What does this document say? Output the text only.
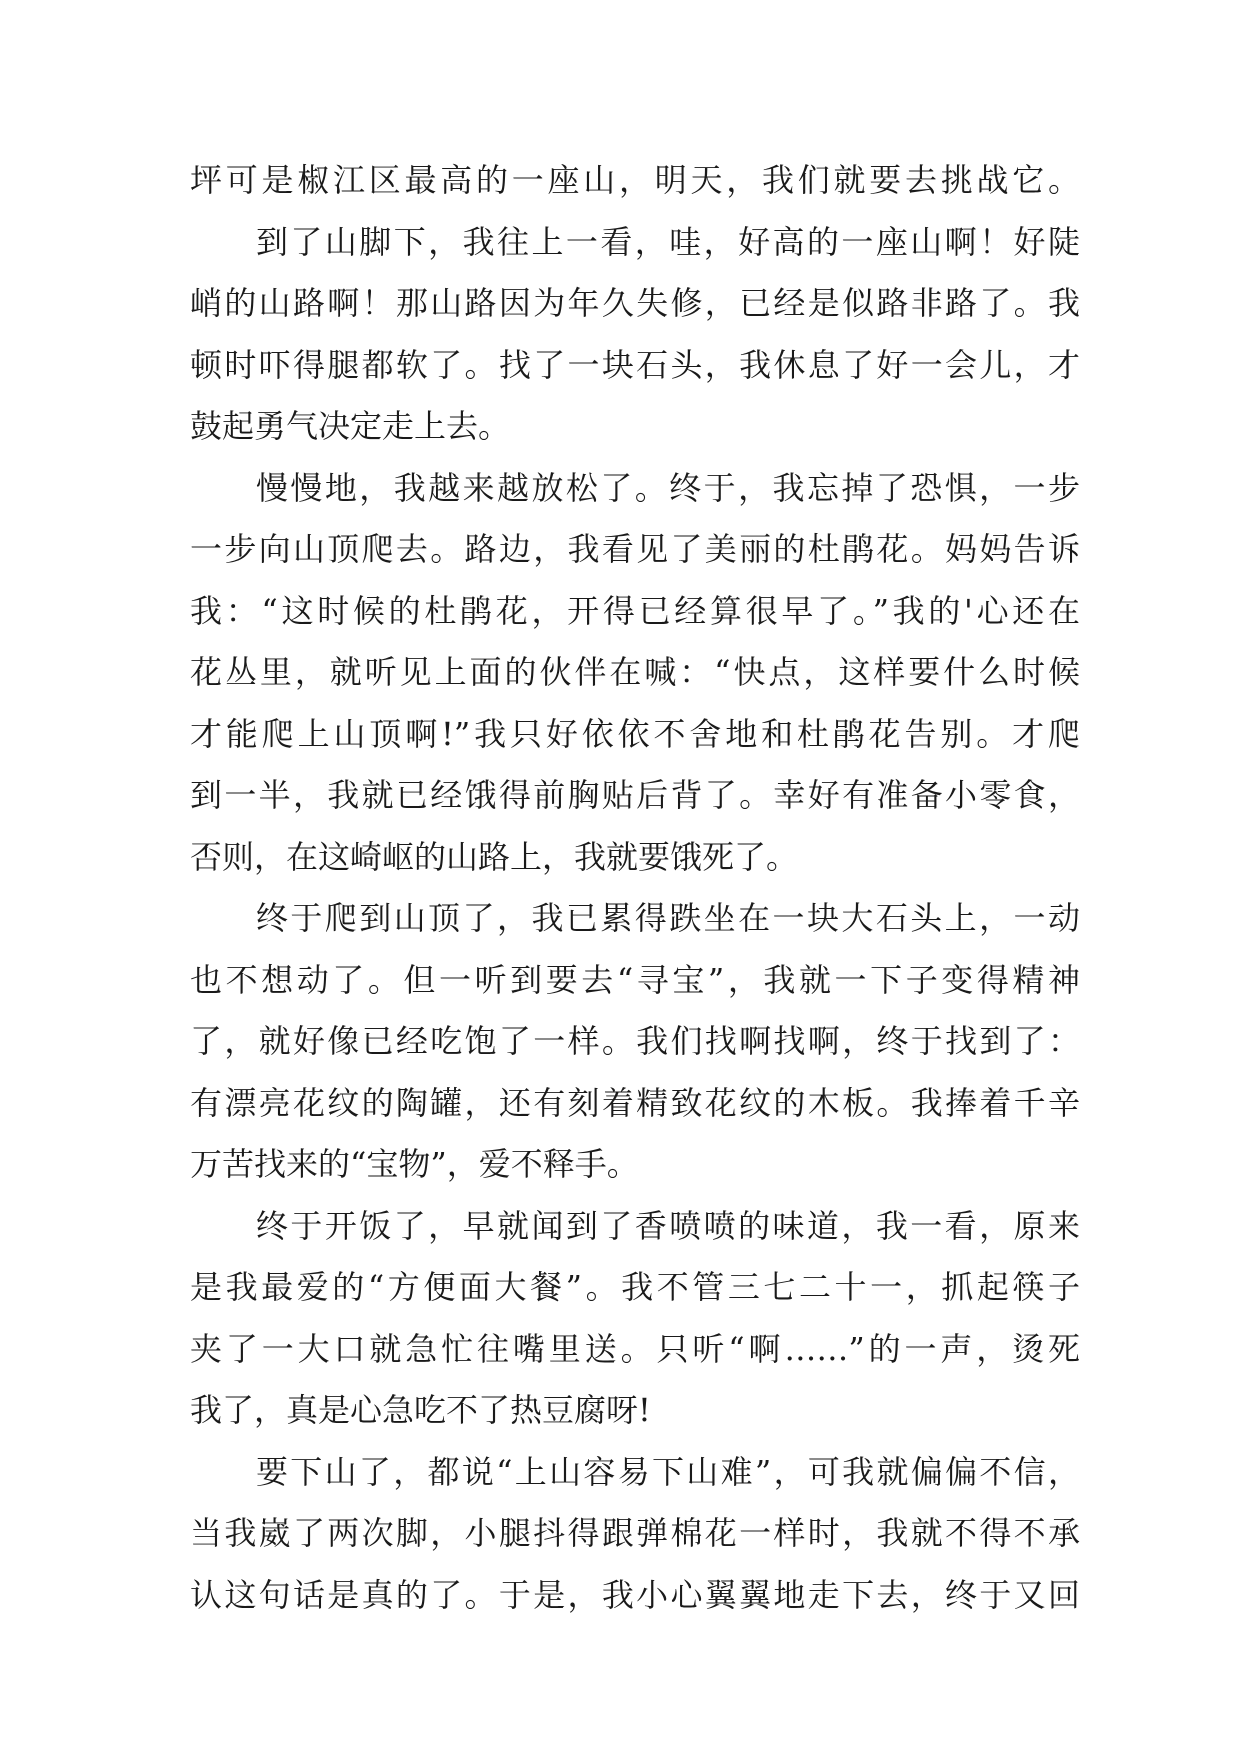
坪可是椒江区最高的一座山，明天，我们就要去挑战它。
到了山脚下，我往上一看，哇，好高的一座山啊！好陡
峭的山路啊！那山路因为年久失修，已经是似路非路了。我
顿时吓得腿都软了。找了一块石头，我休息了好一会儿，才
鼓起勇气决定走上去。
慢慢地，我越来越放松了。终于，我忘掉了恐惧，一步
一步向山顶爬去。路边，我看见了美丽的杜鹃花。妈妈告诉
我：“这时候的杜鹃花，开得已经算很早了。”我的'心还在
花丛里，就听见上面的伙伴在喊：“快点，这样要什么时候
才能爬上山顶啊!”我只好依依不舍地和杜鹃花告别。才爬
到一半，我就已经饿得前胸贴后背了。幸好有准备小零食，
否则，在这崎岖的山路上，我就要饿死了。
终于爬到山顶了，我已累得跌坐在一块大石头上，一动
也不想动了。但一听到要去“寻宝”，我就一下子变得精神
了，就好像已经吃饱了一样。我们找啊找啊，终于找到了：
有漂亮花纹的陶罐，还有刻着精致花纹的木板。我捧着千辛
万苦找来的“宝物”，爱不释手。
终于开饭了，早就闻到了香喷喷的味道，我一看，原来
是我最爱的“方便面大餐”。我不管三七二十一，抓起筷子
夹了一大口就急忙往嘴里送。只听“啊……”的一声，烫死
我了，真是心急吃不了热豆腐呀!
要下山了，都说“上山容易下山难”，可我就偏偏不信，
当我崴了两次脚，小腿抖得跟弹棉花一样时，我就不得不承
认这句话是真的了。于是，我小心翼翼地走下去，终于又回
